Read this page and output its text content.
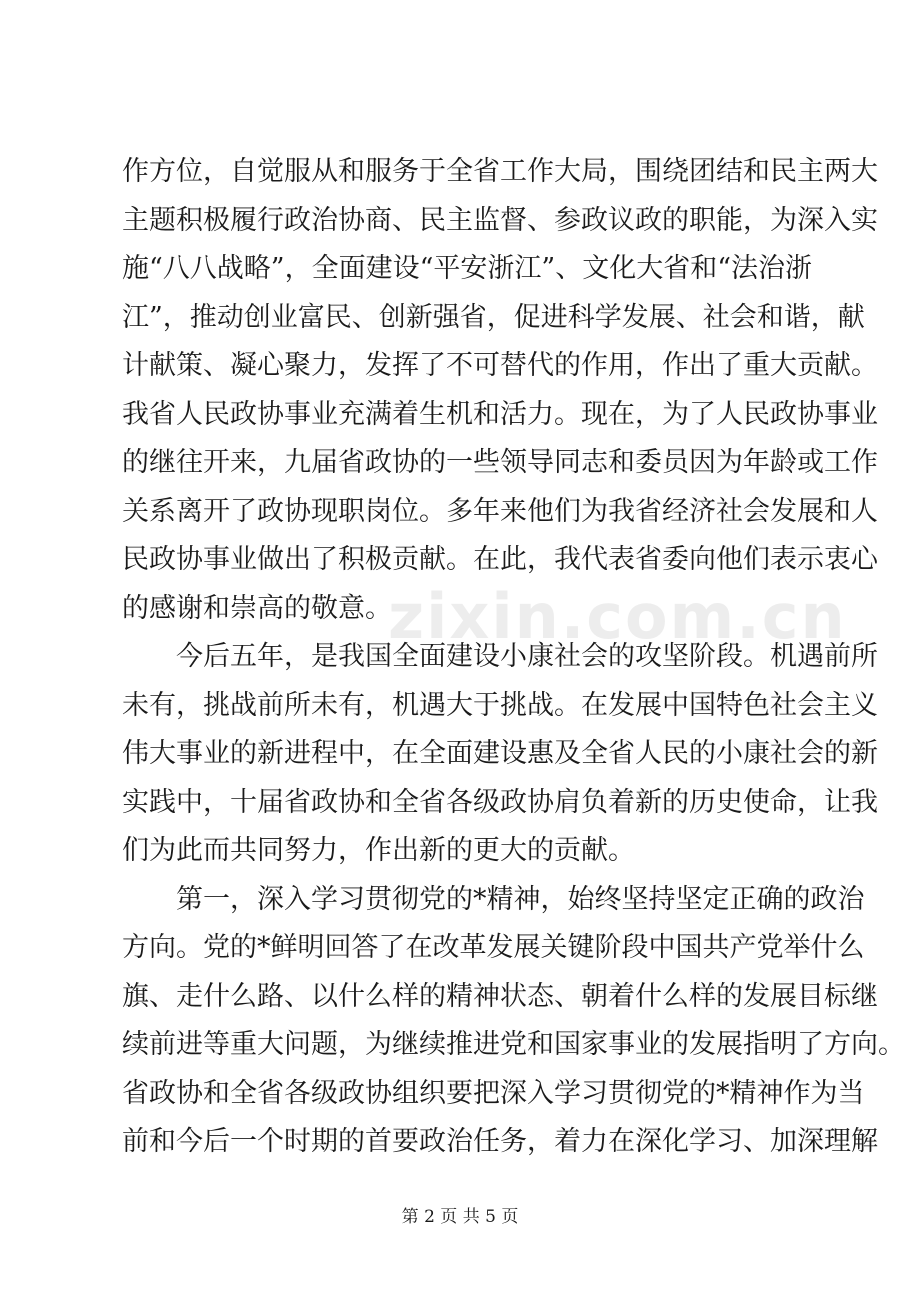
作方位，自觉服从和服务于全省工作大局，围绕团结和民主两大
主题积极履行政治协商、民主监督、参政议政的职能，为深入实
施“八八战略”，全面建设“平安浙江”、文化大省和“法治浙
江”，推动创业富民、创新强省，促进科学发展、社会和谐，献
计献策、凝心聚力，发挥了不可替代的作用，作出了重大贡献。
我省人民政协事业充满着生机和活力。现在，为了人民政协事业
的继往开来，九届省政协的一些领导同志和委员因为年龄或工作
关系离开了政协现职岗位。多年来他们为我省经济社会发展和人
民政协事业做出了积极贡献。在此，我代表省委向他们表示衷心
的感谢和崇高的敬意。
今后五年，是我国全面建设小康社会的攻坚阶段。机遇前所
未有，挑战前所未有，机遇大于挑战。在发展中国特色社会主义
伟大事业的新进程中，在全面建设惠及全省人民的小康社会的新
实践中，十届省政协和全省各级政协肩负着新的历史使命，让我
们为此而共同努力，作出新的更大的贡献。
第一，深入学习贯彻党的*精神，始终坚持坚定正确的政治
方向。党的*鲜明回答了在改革发展关键阶段中国共产党举什么
旗、走什么路、以什么样的精神状态、朝着什么样的发展目标继
续前进等重大问题，为继续推进党和国家事业的发展指明了方向。
省政协和全省各级政协组织要把深入学习贯彻党的*精神作为当
前和今后一个时期的首要政治任务，着力在深化学习、加深理解
zixin.com.cn
第 2 页 共 5 页
